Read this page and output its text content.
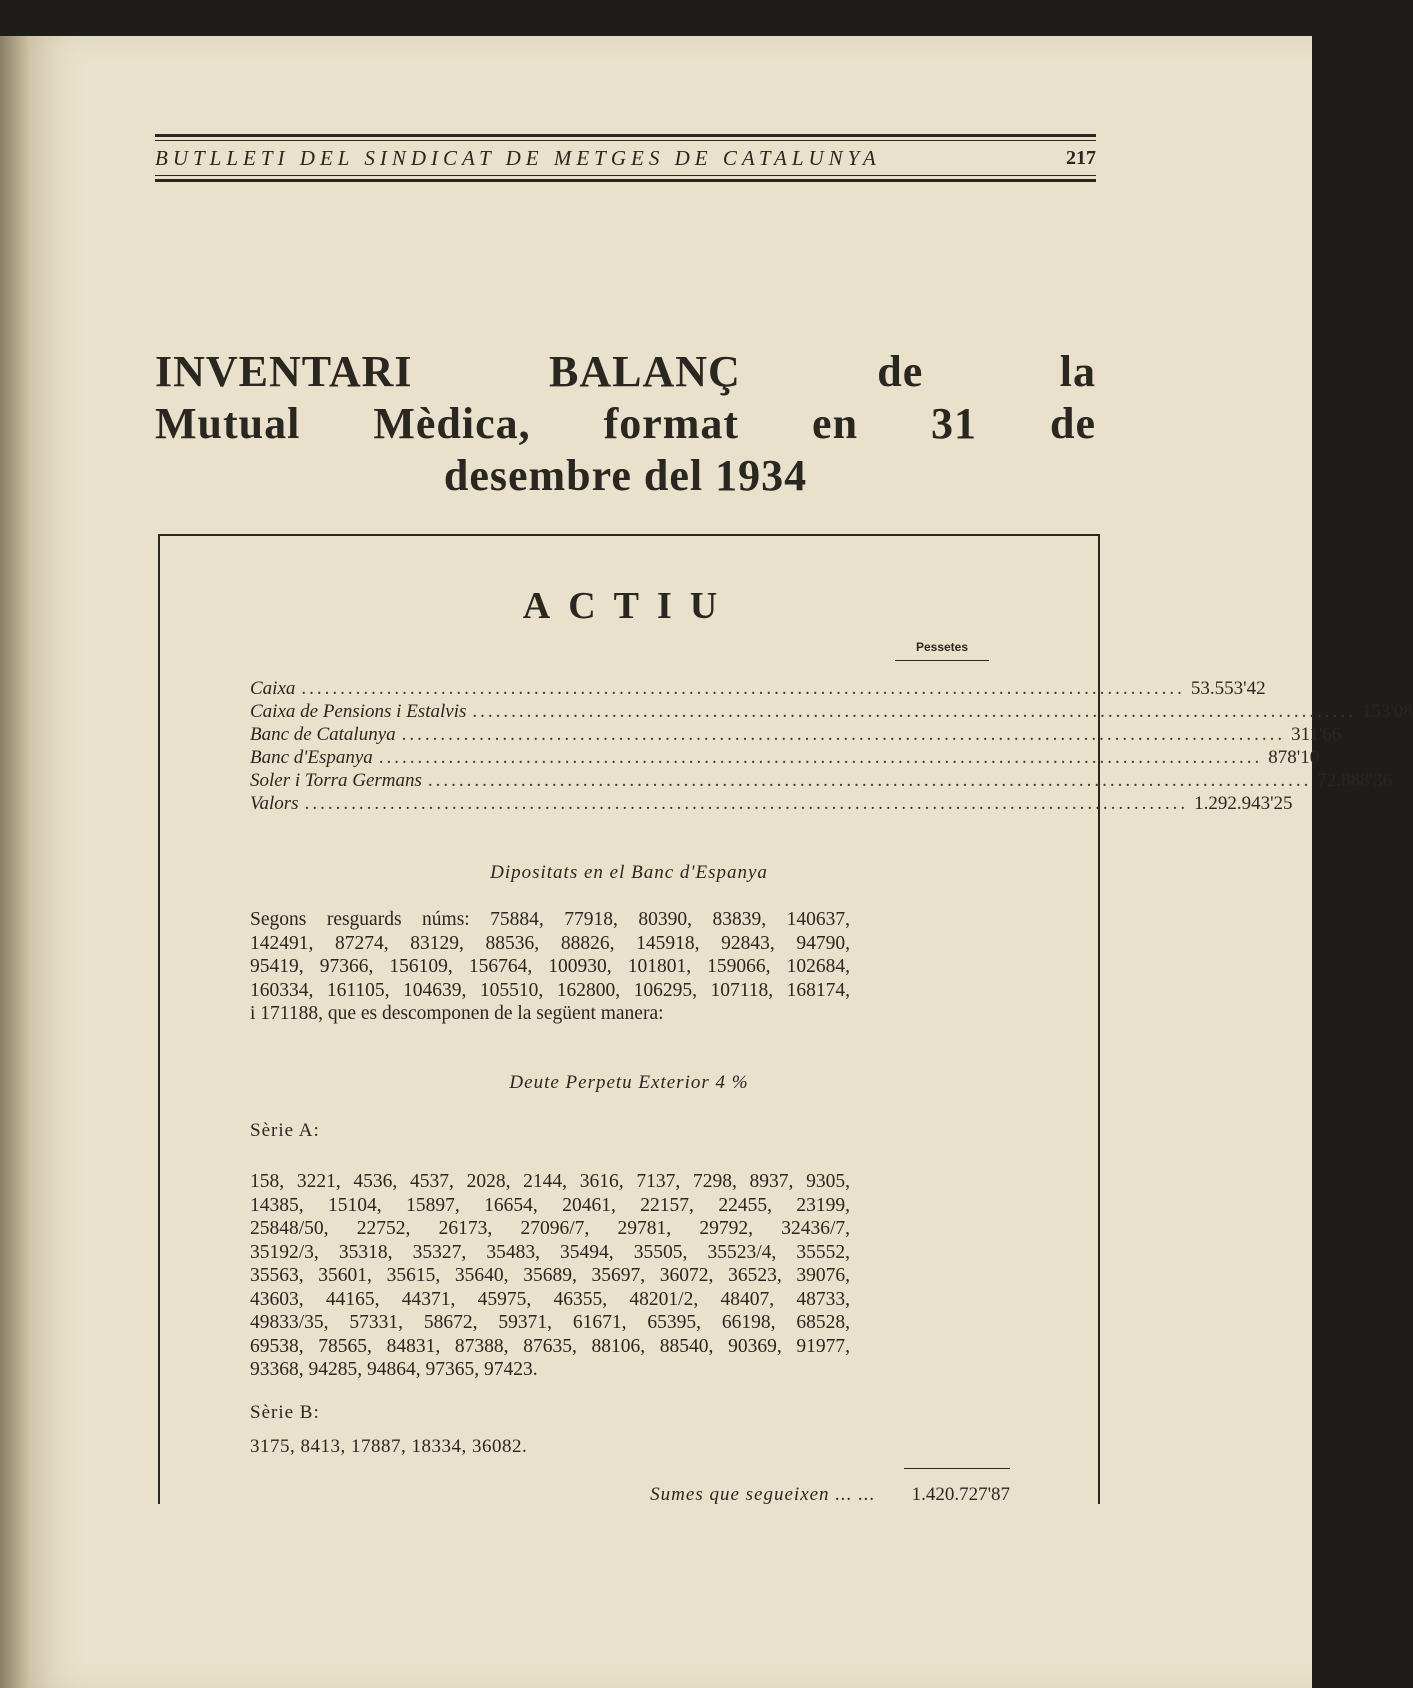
BUTLLETI DEL SINDICAT DE METGES DE CATALUNYA	217
INVENTARI BALANÇ de la
Mutual Mèdica, format en 31 de
desembre del 1934
ACTIU
Pessetes
Caixa .................................................................................................................. 53.553'42
Caixa de Pensions i Estalvis .................................................................................................................. 153'08
Banc de Catalunya .................................................................................................................. 311'66
Banc d'Espanya .................................................................................................................. 878'10
Soler i Torra Germans .................................................................................................................. 72.888'36
Valors .................................................................................................................. 1.292.943'25
Dipositats en el Banc d'Espanya
Segons resguards núms: 75884, 77918, 80390, 83839, 140637,
142491, 87274, 83129, 88536, 88826, 145918, 92843, 94790,
95419, 97366, 156109, 156764, 100930, 101801, 159066, 102684,
160334, 161105, 104639, 105510, 162800, 106295, 107118, 168174,
i 171188, que es descomponen de la següent manera:
Deute Perpetu Exterior 4 %
Sèrie A:
158, 3221, 4536, 4537, 2028, 2144, 3616, 7137, 7298, 8937, 9305,
14385, 15104, 15897, 16654, 20461, 22157, 22455, 23199,
25848/50, 22752, 26173, 27096/7, 29781, 29792, 32436/7,
35192/3, 35318, 35327, 35483, 35494, 35505, 35523/4, 35552,
35563, 35601, 35615, 35640, 35689, 35697, 36072, 36523, 39076,
43603, 44165, 44371, 45975, 46355, 48201/2, 48407, 48733,
49833/35, 57331, 58672, 59371, 61671, 65395, 66198, 68528,
69538, 78565, 84831, 87388, 87635, 88106, 88540, 90369, 91977,
93368, 94285, 94864, 97365, 97423.
Sèrie B:
3175, 8413, 17887, 18334, 36082.
Sumes que segueixen ... ... 1.420.727'87
